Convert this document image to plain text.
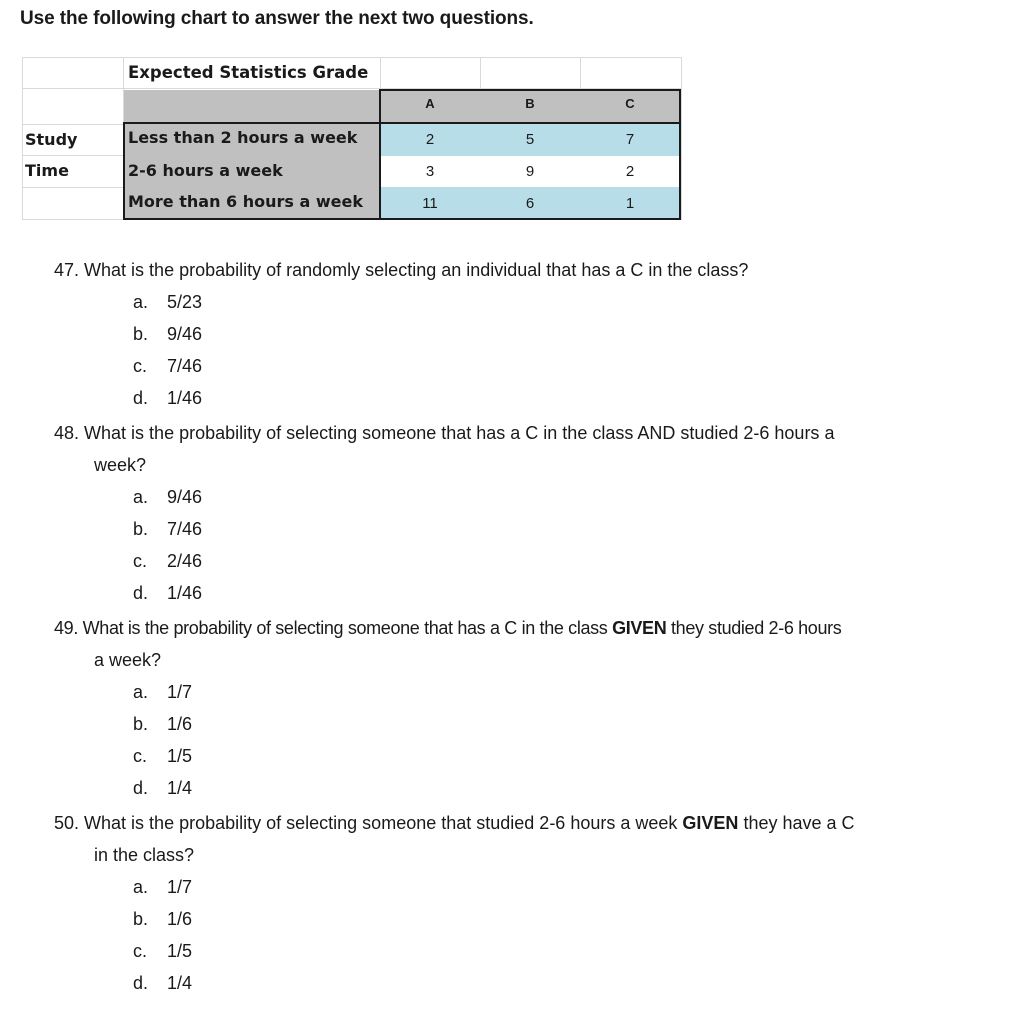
Use the following chart to answer the next two questions.
Expected Statistics Grade
A	B	C
Study
Time
Less than 2 hours a week	2	5	7
2-6 hours a week	3	9	2
More than 6 hours a week	11	6	1
47. What is the probability of randomly selecting an individual that has a C in the class?
a. 5/23
b. 9/46
c. 7/46
d. 1/46
48. What is the probability of selecting someone that has a C in the class AND studied 2-6 hours a
week?
a. 9/46
b. 7/46
c. 2/46
d. 1/46
49. What is the probability of selecting someone that has a C in the class GIVEN they studied 2-6 hours
a week?
a. 1/7
b. 1/6
c. 1/5
d. 1/4
50. What is the probability of selecting someone that studied 2-6 hours a week GIVEN they have a C
in the class?
a. 1/7
b. 1/6
c. 1/5
d. 1/4
